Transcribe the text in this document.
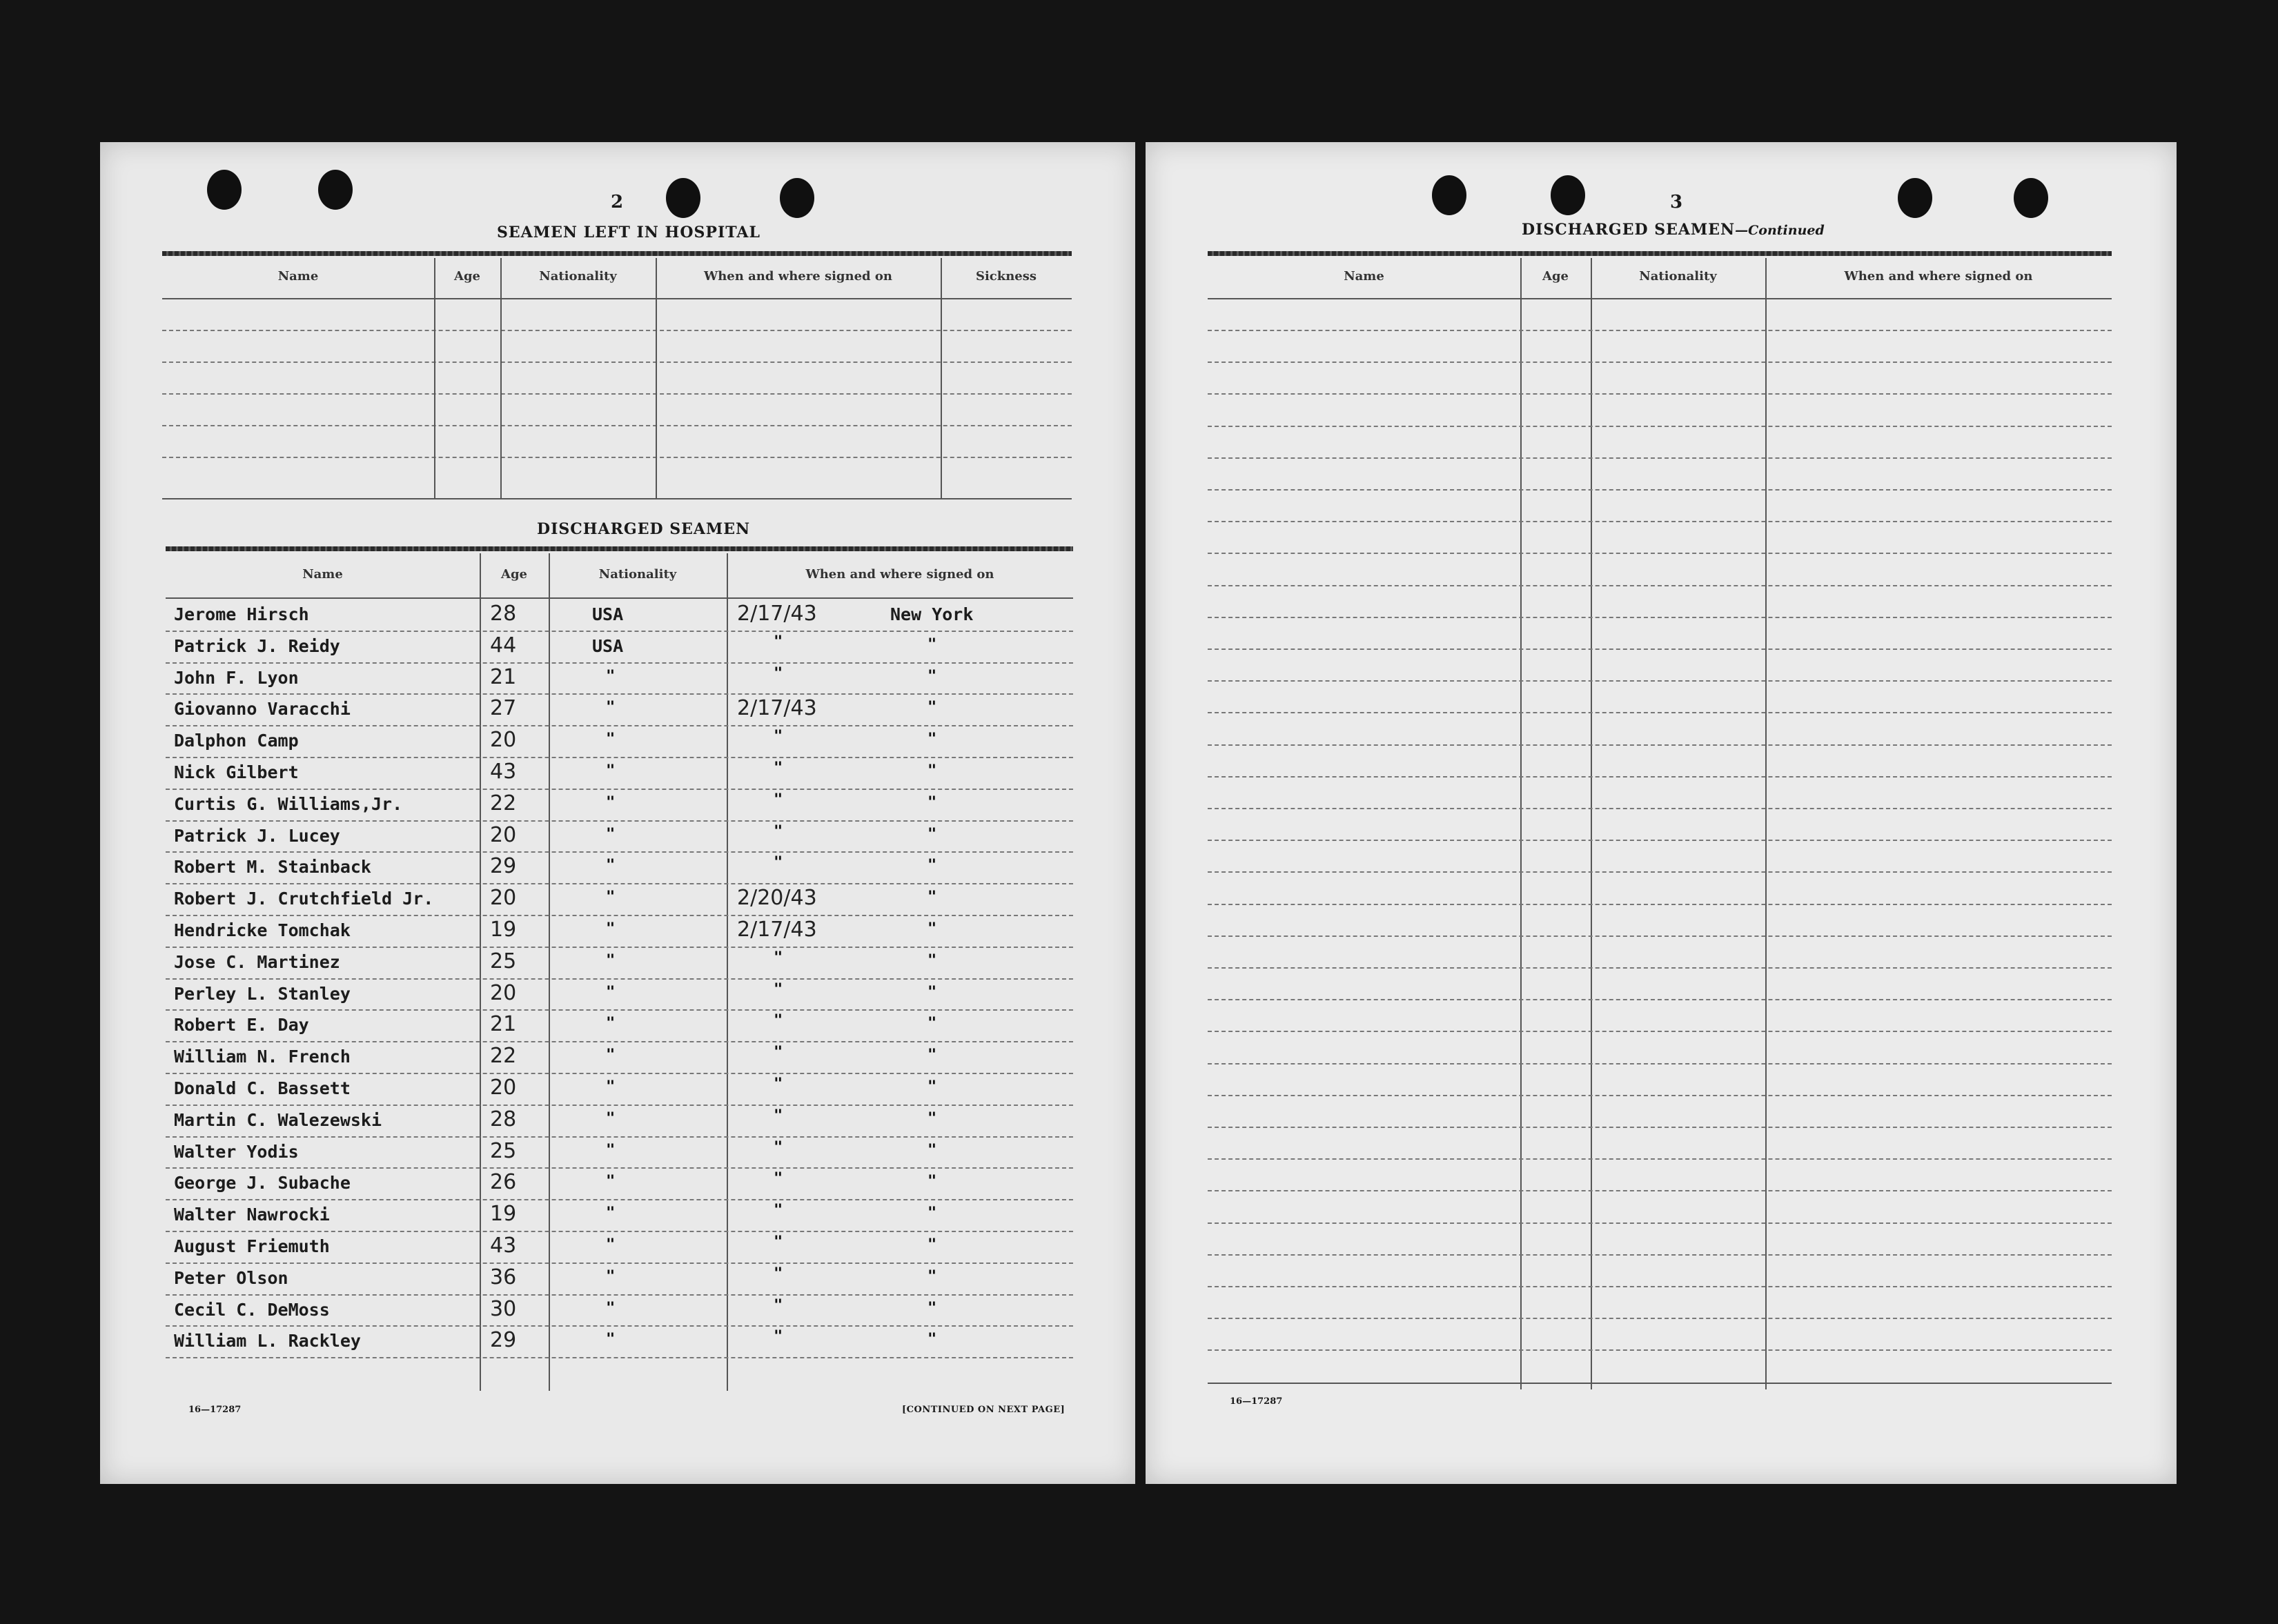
2
SEAMEN LEFT IN HOSPITAL
Name	Age	Nationality	When and where signed on	Sickness
DISCHARGED SEAMEN
Name	Age	Nationality	When and where signed on
Jerome Hirsch	28	USA	2/17/43	New York
Patrick J. Reidy	44	USA	"	"
John F. Lyon	21	"	"	"
Giovanno Varacchi	27	"	2/17/43	"
Dalphon Camp	20	"	"	"
Nick Gilbert	43	"	"	"
Curtis G. Williams,Jr.	22	"	"	"
Patrick J. Lucey	20	"	"	"
Robert M. Stainback	29	"	"	"
Robert J. Crutchfield Jr.	20	"	2/20/43	"
Hendricke Tomchak	19	"	2/17/43	"
Jose C. Martinez	25	"	"	"
Perley L. Stanley	20	"	"	"
Robert E. Day	21	"	"	"
William N. French	22	"	"	"
Donald C. Bassett	20	"	"	"
Martin C. Walezewski	28	"	"	"
Walter Yodis	25	"	"	"
George J. Subache	26	"	"	"
Walter Nawrocki	19	"	"	"
August Friemuth	43	"	"	"
Peter Olson	36	"	"	"
Cecil C. DeMoss	30	"	"	"
William L. Rackley	29	"	"	"
16—17287	[CONTINUED ON NEXT PAGE]
3
DISCHARGED SEAMEN—Continued
Name	Age	Nationality	When and where signed on
16—17287
